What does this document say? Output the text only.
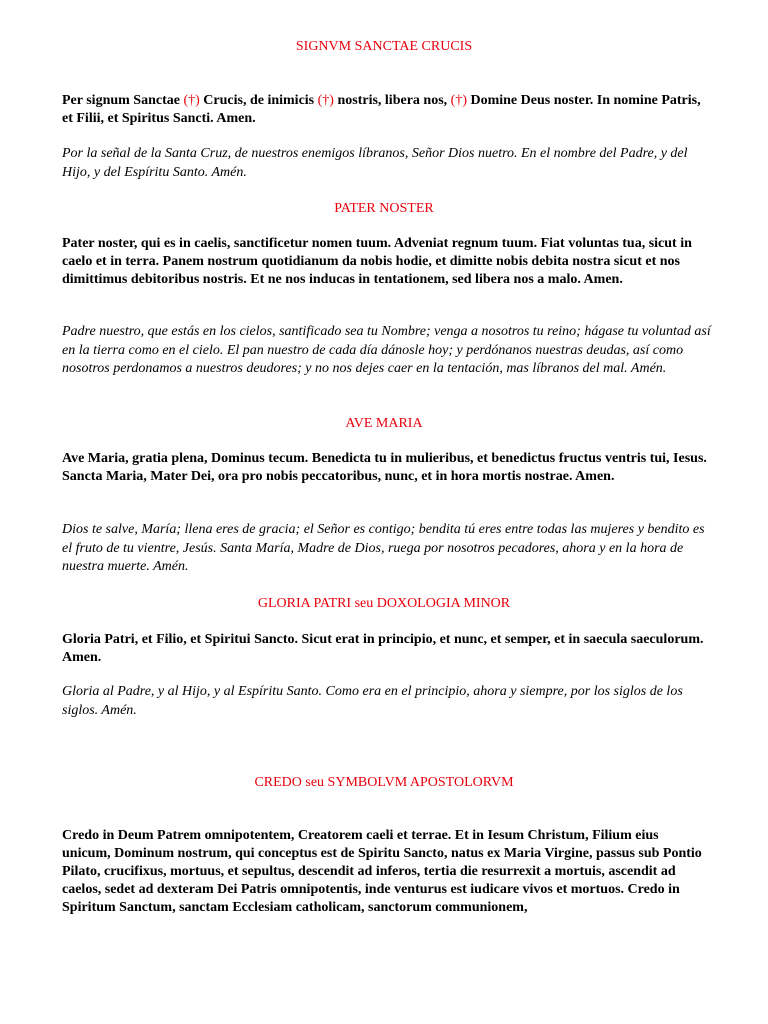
SIGNVM SANCTAE CRUCIS

Per signum Sanctae (†) Crucis, de inimicis (†) nostris, libera nos, (†) Domine Deus noster. In nomine Patris, et Filii, et Spiritus Sancti. Amen.

Por la señal de la Santa Cruz, de nuestros enemigos líbranos, Señor Dios nuetro. En el nombre del Padre, y del Hijo, y del Espíritu Santo. Amén.

PATER NOSTER

Pater noster, qui es in caelis, sanctificetur nomen tuum. Adveniat regnum tuum. Fiat voluntas tua, sicut in caelo et in terra. Panem nostrum quotidianum da nobis hodie, et dimitte nobis debita nostra sicut et nos dimittimus debitoribus nostris. Et ne nos inducas in tentationem, sed libera nos a malo. Amen.

Padre nuestro, que estás en los cielos, santificado sea tu Nombre; venga a nosotros tu reino; hágase tu voluntad así en la tierra como en el cielo. El pan nuestro de cada día dánosle hoy; y perdónanos nuestras deudas, así como nosotros perdonamos a nuestros deudores; y no nos dejes caer en la tentación, mas líbranos del mal. Amén.

AVE MARIA

Ave Maria, gratia plena, Dominus tecum. Benedicta tu in mulieribus, et benedictus fructus ventris tui, Iesus. Sancta Maria, Mater Dei, ora pro nobis peccatoribus, nunc, et in hora mortis nostrae. Amen.

Dios te salve, María; llena eres de gracia; el Señor es contigo; bendita tú eres entre todas las mujeres y bendito es el fruto de tu vientre, Jesús. Santa María, Madre de Dios, ruega por nosotros pecadores, ahora y en la hora de nuestra muerte. Amén.

GLORIA PATRI seu DOXOLOGIA MINOR

Gloria Patri, et Filio, et Spiritui Sancto. Sicut erat in principio, et nunc, et semper, et in saecula saeculorum. Amen.

Gloria al Padre, y al Hijo, y al Espíritu Santo. Como era en el principio, ahora y siempre, por los siglos de los siglos. Amén.

CREDO seu SYMBOLVM APOSTOLORVM

Credo in Deum Patrem omnipotentem, Creatorem caeli et terrae. Et in Iesum Christum, Filium eius unicum, Dominum nostrum, qui conceptus est de Spiritu Sancto, natus ex Maria Virgine, passus sub Pontio Pilato, crucifixus, mortuus, et sepultus, descendit ad inferos, tertia die resurrexit a mortuis, ascendit ad caelos, sedet ad dexteram Dei Patris omnipotentis, inde venturus est iudicare vivos et mortuos. Credo in Spiritum Sanctum, sanctam Ecclesiam catholicam, sanctorum communionem,
